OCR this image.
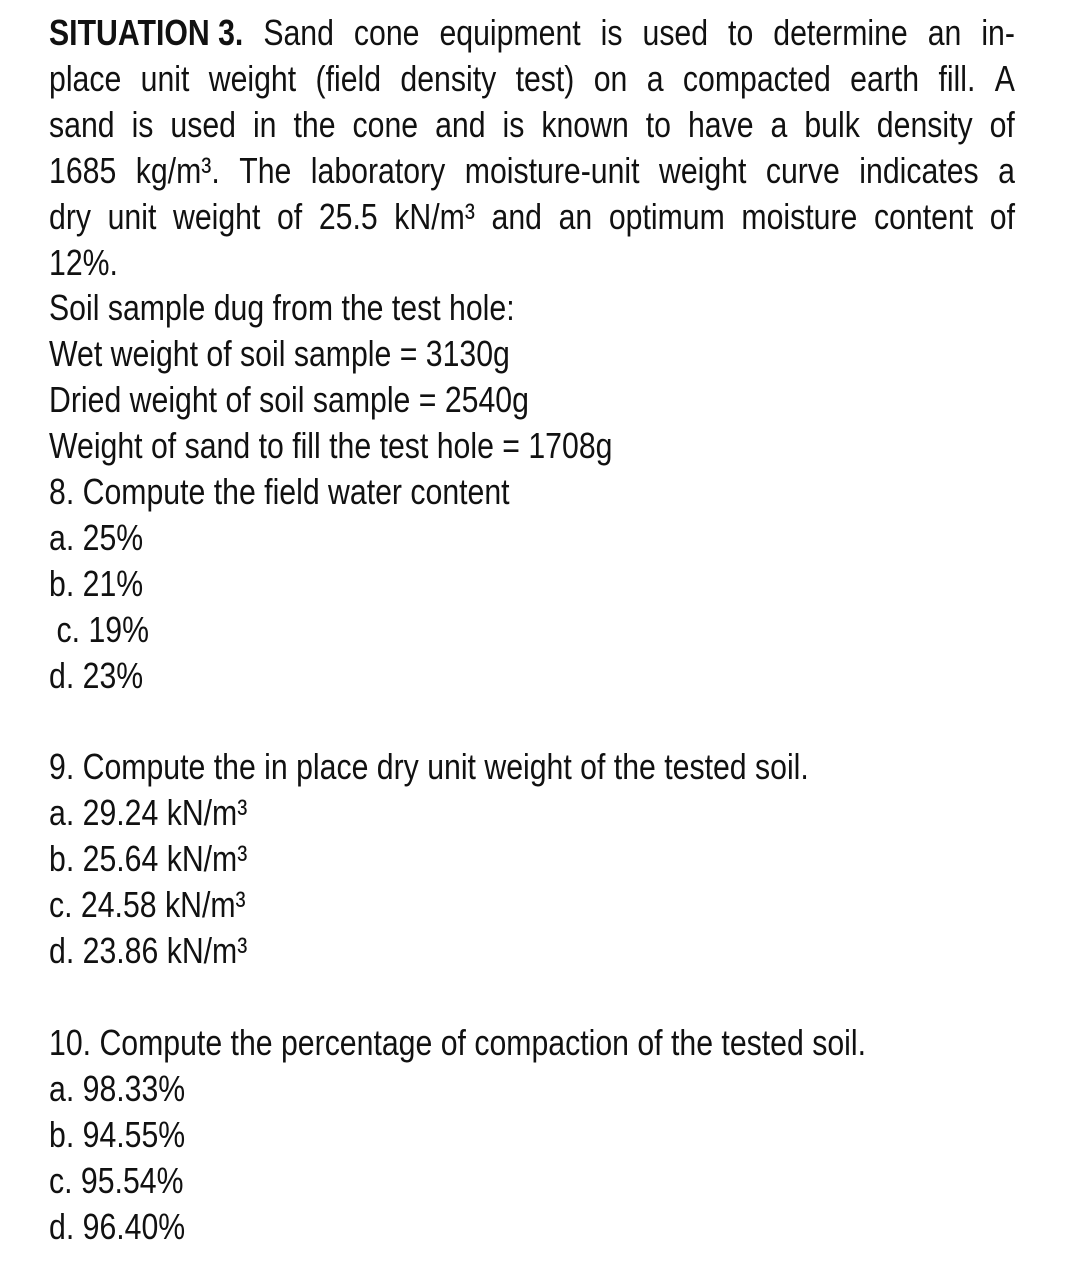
SITUATION 3. Sand cone equipment is used to determine an in-
place unit weight (field density test) on a compacted earth fill. A
sand is used in the cone and is known to have a bulk density of
1685 kg/m³. The laboratory moisture-unit weight curve indicates a
dry unit weight of 25.5 kN/m³ and an optimum moisture content of
12%.
Soil sample dug from the test hole:
Wet weight of soil sample = 3130g
Dried weight of soil sample = 2540g
Weight of sand to fill the test hole = 1708g
8. Compute the field water content
a. 25%
b. 21%
c. 19%
d. 23%
9. Compute the in place dry unit weight of the tested soil.
a. 29.24 kN/m³
b. 25.64 kN/m³
c. 24.58 kN/m³
d. 23.86 kN/m³
10. Compute the percentage of compaction of the tested soil.
a. 98.33%
b. 94.55%
c. 95.54%
d. 96.40%
